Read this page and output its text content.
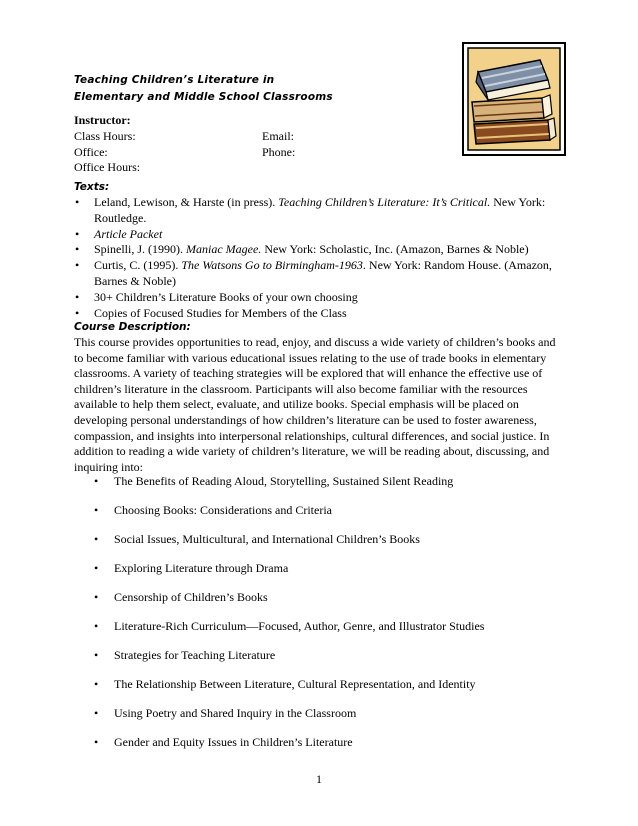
Teaching Children’s Literature in
Elementary and Middle School Classrooms
Instructor:
Class Hours:	Email:
Office:	Phone:
Office Hours:
Texts:
• Leland, Lewison, & Harste (in press). Teaching Children’s Literature: It’s Critical. New York: Routledge.
• Article Packet
• Spinelli, J. (1990). Maniac Magee. New York: Scholastic, Inc. (Amazon, Barnes & Noble)
• Curtis, C. (1995). The Watsons Go to Birmingham-1963. New York: Random House. (Amazon, Barnes & Noble)
• 30+ Children’s Literature Books of your own choosing
• Copies of Focused Studies for Members of the Class
Course Description:

This course provides opportunities to read, enjoy, and discuss a wide variety of children’s books and to become familiar with various educational issues relating to the use of trade books in elementary classrooms. A variety of teaching strategies will be explored that will enhance the effective use of children’s literature in the classroom. Participants will also become familiar with the resources available to help them select, evaluate, and utilize books. Special emphasis will be placed on developing personal understandings of how children’s literature can be used to foster awareness, compassion, and insights into interpersonal relationships, cultural differences, and social justice. In addition to reading a wide variety of children’s literature, we will be reading about, discussing, and inquiring into:

• The Benefits of Reading Aloud, Storytelling, Sustained Silent Reading
• Choosing Books: Considerations and Criteria
• Social Issues, Multicultural, and International Children’s Books
• Exploring Literature through Drama
• Censorship of Children’s Books
• Literature-Rich Curriculum—Focused, Author, Genre, and Illustrator Studies
• Strategies for Teaching Literature
• The Relationship Between Literature, Cultural Representation, and Identity
• Using Poetry and Shared Inquiry in the Classroom
• Gender and Equity Issues in Children’s Literature
1
